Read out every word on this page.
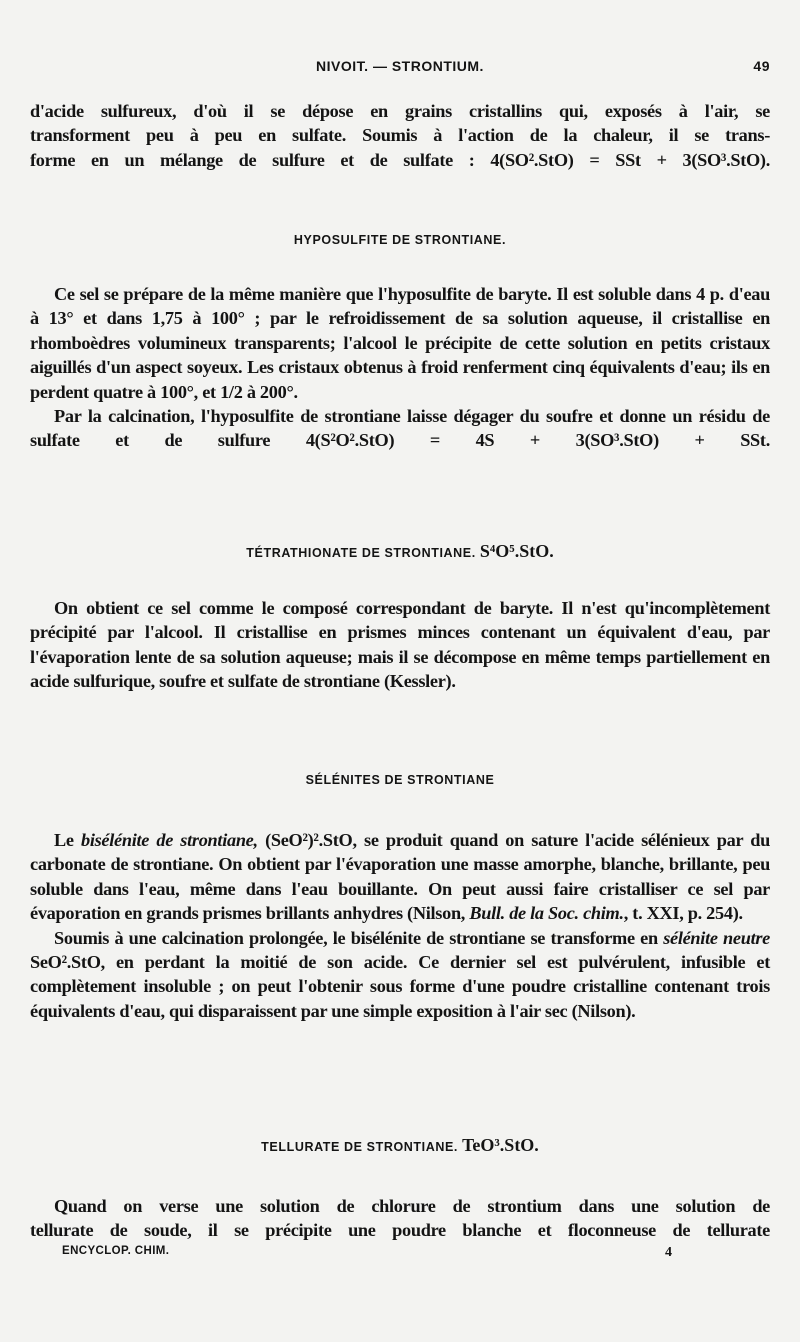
NIVOIT. — STRONTIUM.	49
d'acide sulfureux, d'où il se dépose en grains cristallins qui, exposés à l'air, se
transforment peu à peu en sulfate. Soumis à l'action de la chaleur, il se trans-
forme en un mélange de sulfure et de sulfate : 4(SO².StO) = SSt + 3(SO³.StO).
HYPOSULFITE DE STRONTIANE.

Ce sel se prépare de la même manière que l'hyposulfite de baryte. Il est soluble dans 4 p. d'eau à 13° et dans 1,75 à 100° ; par le refroidissement de sa solution aqueuse, il cristallise en rhomboèdres volumineux transparents; l'alcool le précipite de cette solution en petits cristaux aiguillés d'un aspect soyeux. Les cristaux obtenus à froid renferment cinq équivalents d'eau; ils en perdent quatre à 100°, et 1/2 à 200°.

Par la calcination, l'hyposulfite de strontiane laisse dégager du soufre et donne un résidu de sulfate et de sulfure 4(S²O².StO) = 4S + 3(SO³.StO) + SSt.

TÉTRATHIONATE DE STRONTIANE. S⁴O⁵.StO.

On obtient ce sel comme le composé correspondant de baryte. Il n'est qu'incomplètement précipité par l'alcool. Il cristallise en prismes minces contenant un équivalent d'eau, par l'évaporation lente de sa solution aqueuse; mais il se décompose en même temps partiellement en acide sulfurique, soufre et sulfate de strontiane (Kessler).

SÉLÉNITES DE STRONTIANE

Le bisélénite de strontiane, (SeO²)².StO, se produit quand on sature l'acide sélénieux par du carbonate de strontiane. On obtient par l'évaporation une masse amorphe, blanche, brillante, peu soluble dans l'eau, même dans l'eau bouillante. On peut aussi faire cristalliser ce sel par évaporation en grands prismes brillants anhydres (Nilson, Bull. de la Soc. chim., t. XXI, p. 254).

Soumis à une calcination prolongée, le bisélénite de strontiane se transforme en sélénite neutre SeO².StO, en perdant la moitié de son acide. Ce dernier sel est pulvérulent, infusible et complètement insoluble ; on peut l'obtenir sous forme d'une poudre cristalline contenant trois équivalents d'eau, qui disparaissent par une simple exposition à l'air sec (Nilson).

TELLURATE DE STRONTIANE. TeO³.StO.
Quand on verse une solution de chlorure de strontium dans une solution de
tellurate de soude, il se précipite une poudre blanche et floconneuse de tellurate
ENCYCLOP. CHIM.	4
